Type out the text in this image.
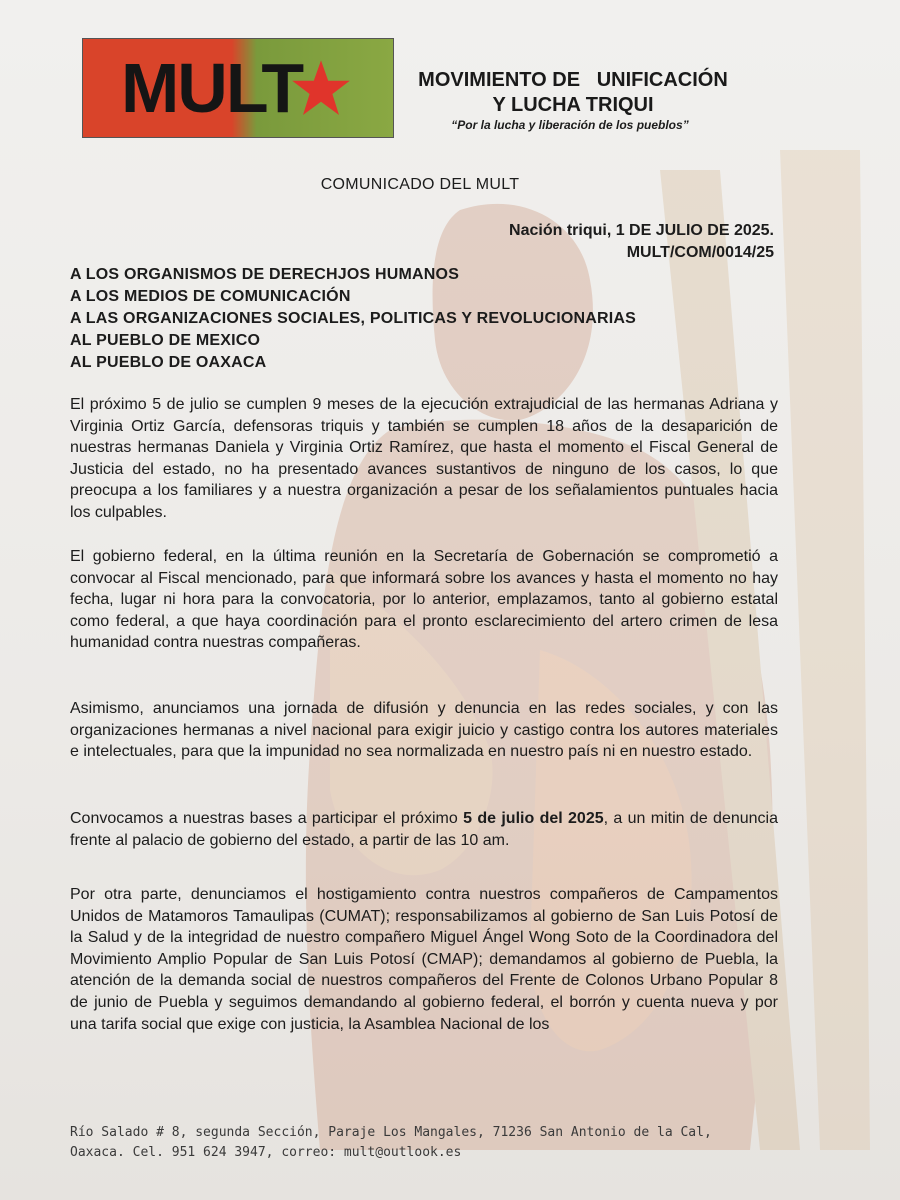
MULT	MOVIMIENTO DE   UNIFICACIÓN
Y LUCHA TRIQUI
“Por la lucha y liberación de los pueblos”
COMUNICADO DEL MULT
Nación triqui, 1 DE JULIO DE 2025.
MULT/COM/0014/25
A LOS ORGANISMOS DE DERECHJOS HUMANOS
A LOS MEDIOS DE COMUNICACIÓN
A LAS ORGANIZACIONES SOCIALES, POLITICAS Y REVOLUCIONARIAS
AL PUEBLO DE MEXICO
AL PUEBLO DE OAXACA

El próximo 5 de julio se cumplen 9 meses de la ejecución extrajudicial de las hermanas Adriana y Virginia Ortiz García, defensoras triquis y también se cumplen 18 años de la desaparición de nuestras hermanas Daniela y Virginia Ortiz Ramírez, que hasta el momento el Fiscal General de Justicia del estado, no ha presentado avances sustantivos de ninguno de los casos, lo que preocupa a los familiares y a nuestra organización a pesar de los señalamientos puntuales hacia los culpables.

El gobierno federal, en la última reunión en la Secretaría de Gobernación se comprometió a convocar al Fiscal mencionado, para que informará sobre los avances y hasta el momento no hay fecha, lugar ni hora para la convocatoria, por lo anterior, emplazamos, tanto al gobierno estatal como federal, a que haya coordinación para el pronto esclarecimiento del artero crimen de lesa humanidad contra nuestras compañeras.

Asimismo, anunciamos una jornada de difusión y denuncia en las redes sociales, y con las organizaciones hermanas a nivel nacional para exigir juicio y castigo contra los autores materiales e intelectuales, para que la impunidad no sea normalizada en nuestro país ni en nuestro estado.

Convocamos a nuestras bases a participar el próximo 5 de julio del 2025, a un mitin de denuncia frente al palacio de gobierno del estado, a partir de las 10 am.

Por otra parte, denunciamos el hostigamiento contra nuestros compañeros de Campamentos Unidos de Matamoros Tamaulipas (CUMAT); responsabilizamos al gobierno de San Luis Potosí de la Salud y de la integridad de nuestro compañero Miguel Ángel Wong Soto de la Coordinadora del Movimiento Amplio Popular de San Luis Potosí (CMAP); demandamos al gobierno de Puebla, la atención de la demanda social de nuestros compañeros del Frente de Colonos Urbano Popular 8 de junio de Puebla y seguimos demandando al gobierno federal, el borrón y cuenta nueva y por una tarifa social que exige con justicia, la Asamblea Nacional de los

Río Salado # 8, segunda Sección, Paraje Los Mangales, 71236 San Antonio de la Cal,
Oaxaca. Cel. 951 624 3947, correo: mult@outlook.es
